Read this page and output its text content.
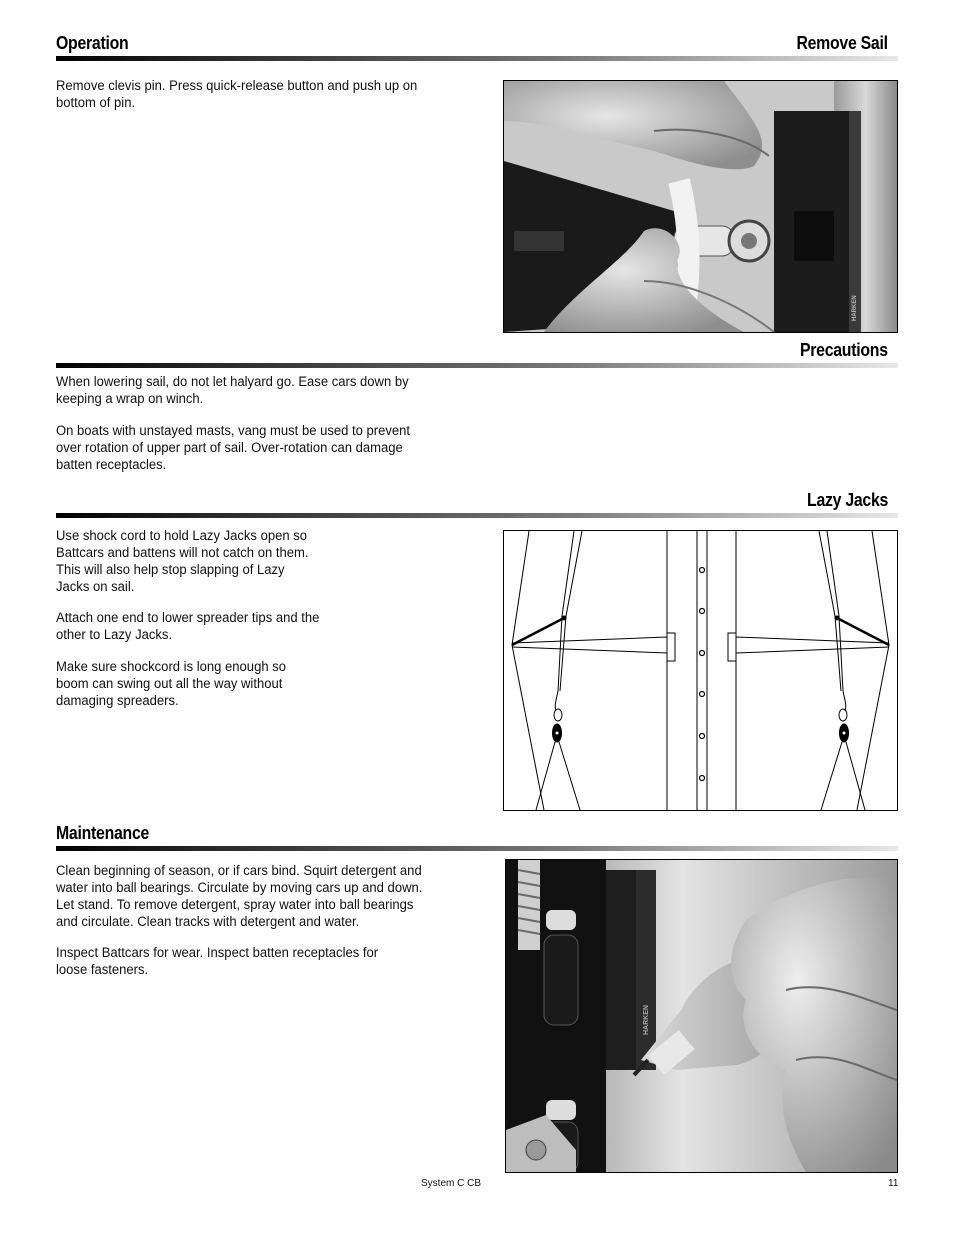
Operation	Remove Sail

Remove clevis pin. Press quick-release button and push up on bottom of pin.

HARKEN
Precautions

When lowering sail, do not let halyard go. Ease cars down by keeping a wrap on winch.

On boats with unstayed masts, vang must be used to prevent over rotation of upper part of sail. Over-rotation can damage batten receptacles.

Lazy Jacks

Use shock cord to hold Lazy Jacks open so Battcars and battens will not catch on them. This will also help stop slapping of Lazy Jacks on sail.

Attach one end to lower spreader tips and the other to Lazy Jacks.

Make sure shockcord is long enough so boom can swing out all the way without damaging spreaders.

Maintenance

Clean beginning of season, or if cars bind. Squirt detergent and water into ball bearings. Circulate by moving cars up and down. Let stand. To remove detergent, spray water into ball bearings and circulate. Clean tracks with detergent and water.

Inspect Battcars for wear. Inspect batten receptacles for loose fasteners.

HARKEN
System C CB	11
